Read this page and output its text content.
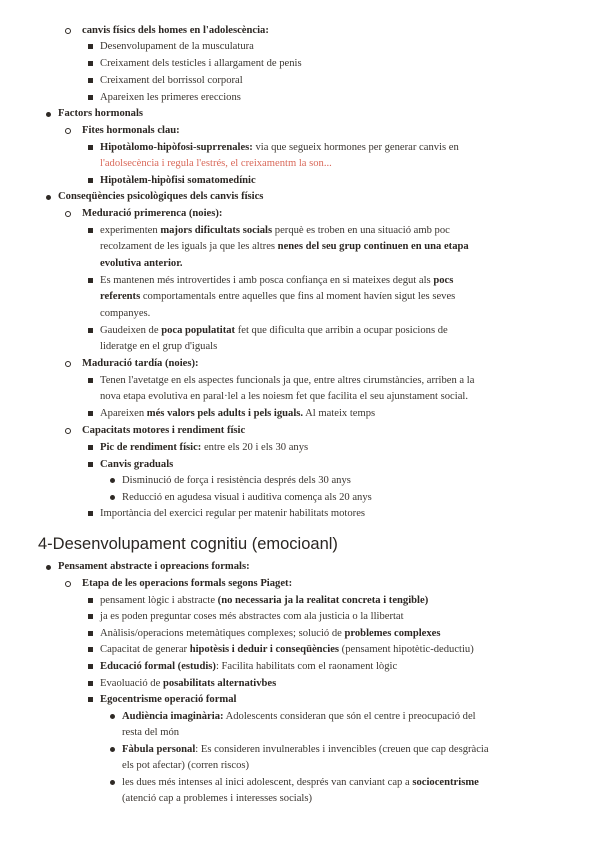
canvis físics dels homes en l'adolescència:
Desenvolupament de la musculatura
Creixament dels testicles i allargament de penis
Creixament del borrissol corporal
Apareixen les primeres ereccions
Factors hormonals
Fites hormonals clau:
Hipotàlomo-hipòfosi-suprrenales: via que segueix hormones per generar canvis en
l'adolsecència i regula l'estrés, el creixamentm la son...
Hipotàlem-hipòfisi somatomedínic
Conseqüències psicològiques dels canvis físics
Meduració primerenca (noies):
experimenten majors dificultats socials perquè es troben en una situació amb poc
recolzament de les iguals ja que les altres nenes del seu grup continuen en una etapa
evolutiva anterior.
Es mantenen més introvertides i amb posca confiança en si mateixes degut als pocs
referents comportamentals entre aquelles que fins al moment havíen sigut les seves
companyes.
Gaudeixen de poca populatitat fet que dificulta que arribin a ocupar posicions de
lideratge en el grup d'iguals
Maduració tardía (noies):
Tenen l'avetatge en els aspectes funcionals ja que, entre altres cirumstàncies, arriben a la
nova etapa evolutiva en paral·lel a les noiesm fet que facilita el seu ajunstament social.
Apareixen més valors pels adults i pels iguals. Al mateix temps
Capacitats motores i rendiment físic
Pic de rendiment físic: entre els 20 i els 30 anys
Canvis graduals
Disminució de força i resistència després dels 30 anys
Reducció en agudesa visual i auditiva comença als 20 anys
Importància del exercici regular per matenir habilitats motores
4-Desenvolupament cognitiu (emocioanl)
Pensament abstracte i opreacions formals:
Etapa de les operacions formals segons Piaget:
pensament lògic i abstracte (no necessaria ja la realitat concreta i tengible)
ja es poden preguntar coses més abstractes com ala justicia o la llibertat
Anàlisis/operacions metemàtiques complexes; solució de problemes complexes
Capacitat de generar hipotèsis i deduir i conseqüències (pensament hipotètic-deductiu)
Educació formal (estudis): Facilita habilitats com el raonament lògic
Evaoluació de posabilitats alternativbes
Egocentrisme operació formal
Audiència imaginària: Adolescents consideran que són el centre i preocupació del
resta del món
Fàbula personal: Es consideren invulnerables i invencibles (creuen que cap desgràcia
els pot afectar) (corren riscos)
les dues més intenses al inici adolescent, després van canviant cap a sociocentrisme
(atenció cap a problemes i interesses socials)
